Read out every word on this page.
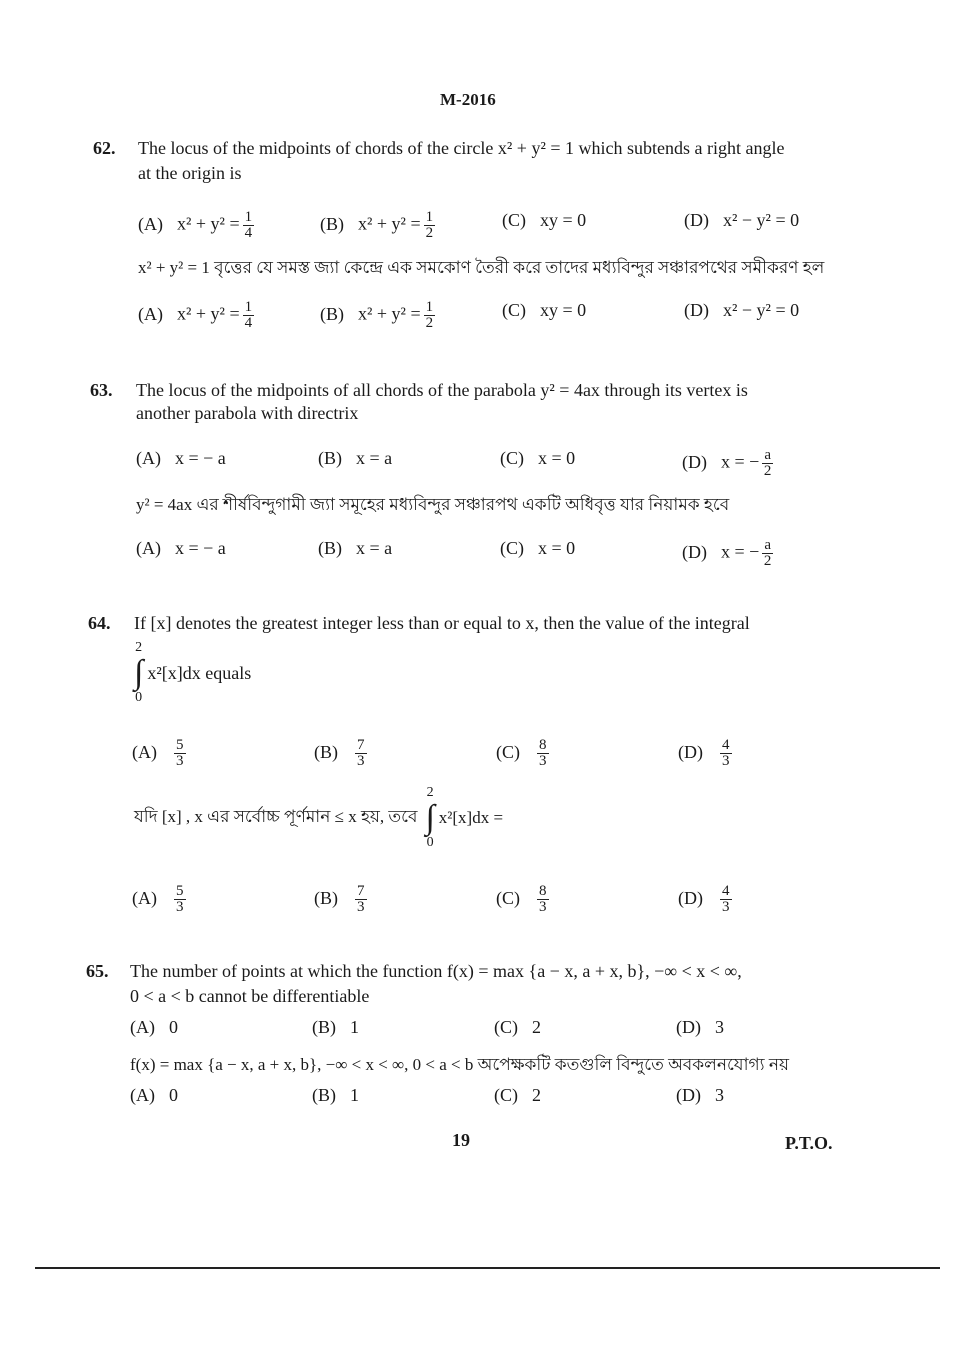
M-2016
62. The locus of the midpoints of chords of the circle x² + y² = 1 which subtends a right angle
at the origin is
(A) $x^2 + y^2 = \frac{1}{4}$	(B) $x^2 + y^2 = \frac{1}{2}$	(C) xy = 0	(D) x² − y² = 0
x² + y² = 1 বৃত্তের যে সমস্ত জ্যা কেন্দ্রে এক সমকোণ তৈরী করে তাদের মধ্যবিন্দুর সঞ্চারপথের সমীকরণ হল
(A) $x^2 + y^2 = \frac{1}{4}$	(B) $x^2 + y^2 = \frac{1}{2}$	(C) xy = 0	(D) x² − y² = 0
63. The locus of the midpoints of all chords of the parabola y² = 4ax through its vertex is
another parabola with directrix
(A) x = − a	(B) x = a	(C) x = 0	(D) x = − $\frac{a}{2}$
y² = 4ax এর শীর্ষবিন্দুগামী জ্যা সমূহের মধ্যবিন্দুর সঞ্চারপথ একটি অধিবৃত্ত যার নিয়ামক হবে
(A) x = − a	(B) x = a	(C) x = 0	(D) x = − $\frac{a}{2}$
64. If [x] denotes the greatest integer less than or equal to x, then the value of the integral
2
∫
0
x²[x]dx equals
$(A) \frac{5}{3}$	$(B) \frac{7}{3}$	$(C) \frac{8}{3}$	$(D) \frac{4}{3}$
যদি [x] , x এর সর্বোচ্চ পূর্ণমান ≤ x হয়, তবে
2
∫
0
x²[x]dx =
$(A) \frac{5}{3}$	$(B) \frac{7}{3}$	$(C) \frac{8}{3}$	$(D) \frac{4}{3}$
65. The number of points at which the function f(x) = max {a − x, a + x, b}, −∞ < x < ∞,
0 < a < b cannot be differentiable
(A) 0	(B) 1	(C) 2	(D) 3
f(x) = max {a − x, a + x, b}, −∞ < x < ∞, 0 < a < b অপেক্ষকটি কতগুলি বিন্দুতে অবকলনযোগ্য নয়
(A) 0	(B) 1	(C) 2	(D) 3
19	P.T.O.
